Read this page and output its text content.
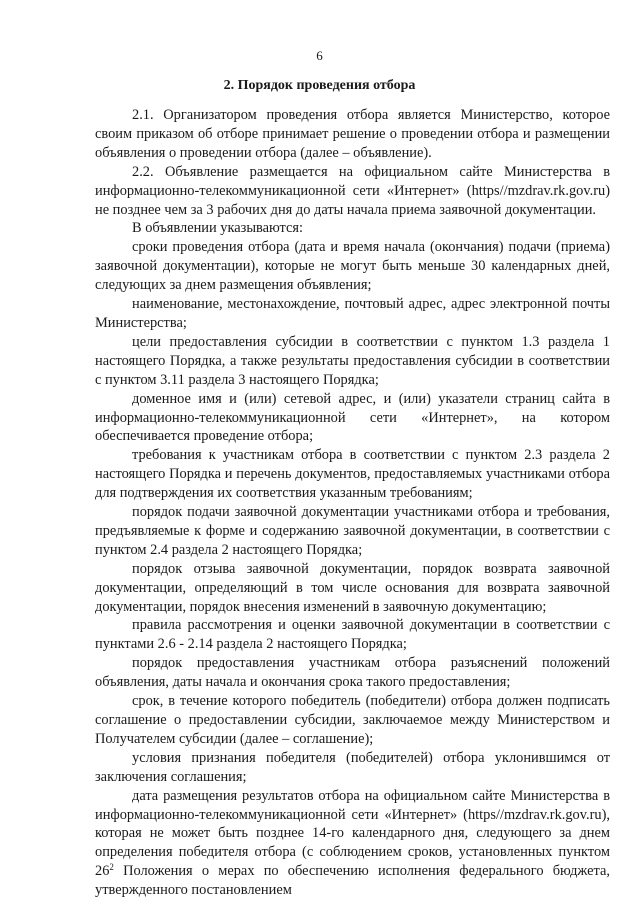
6
2. Порядок проведения отбора

2.1. Организатором проведения отбора является Министерство, которое своим приказом об отборе принимает решение о проведении отбора и размещении объявления о проведении отбора (далее – объявление).

2.2. Объявление размещается на официальном сайте Министерства в информационно-телекоммуникационной сети «Интернет» (https//mzdrav.rk.gov.ru) не позднее чем за 3 рабочих дня до даты начала приема заявочной документации.

В объявлении указываются:

сроки проведения отбора (дата и время начала (окончания) подачи (приема) заявочной документации), которые не могут быть меньше 30 календарных дней, следующих за днем размещения объявления;

наименование, местонахождение, почтовый адрес, адрес электронной почты Министерства;

цели предоставления субсидии в соответствии с пунктом 1.3 раздела 1 настоящего Порядка, а также результаты предоставления субсидии в соответствии с пунктом 3.11 раздела 3 настоящего Порядка;

доменное имя и (или) сетевой адрес, и (или) указатели страниц сайта в информационно-телекоммуникационной сети «Интернет», на котором обеспечивается проведение отбора;

требования к участникам отбора в соответствии с пунктом 2.3 раздела 2 настоящего Порядка и перечень документов, предоставляемых участниками отбора для подтверждения их соответствия указанным требованиям;

порядок подачи заявочной документации участниками отбора и требования, предъявляемые к форме и содержанию заявочной документации, в соответствии с пунктом 2.4 раздела 2 настоящего Порядка;

порядок отзыва заявочной документации, порядок возврата заявочной документации, определяющий в том числе основания для возврата заявочной документации, порядок внесения изменений в заявочную документацию;

правила рассмотрения и оценки заявочной документации в соответствии с пунктами 2.6 - 2.14 раздела 2 настоящего Порядка;

порядок предоставления участникам отбора разъяснений положений объявления, даты начала и окончания срока такого предоставления;

срок, в течение которого победитель (победители) отбора должен подписать соглашение о предоставлении субсидии, заключаемое между Министерством и Получателем субсидии (далее – соглашение);

условия признания победителя (победителей) отбора уклонившимся от заключения соглашения;

дата размещения результатов отбора на официальном сайте Министерства в информационно-телекоммуникационной сети «Интернет» (https//mzdrav.rk.gov.ru), которая не может быть позднее 14-го календарного дня, следующего за днем определения победителя отбора (с соблюдением сроков, установленных пунктом $26^2$ Положения о мерах по обеспечению исполнения федерального бюджета, утвержденного постановлением
